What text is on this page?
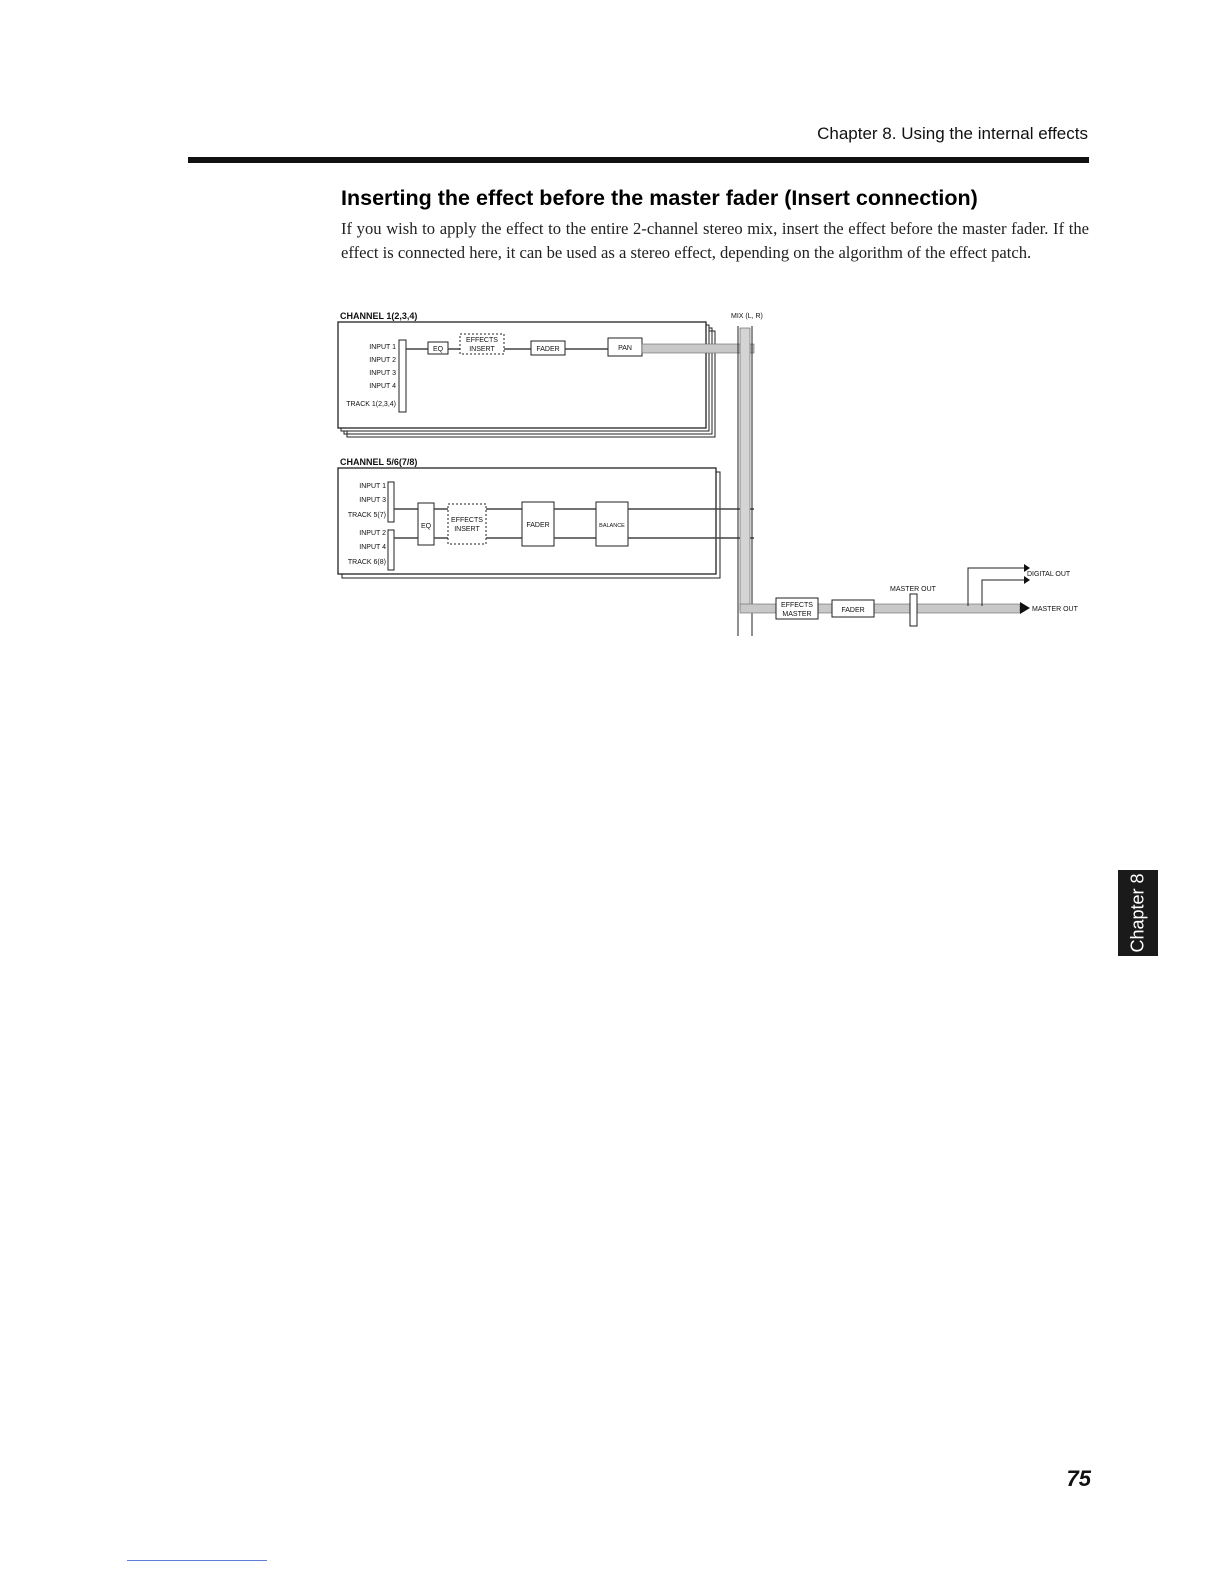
Chapter 8. Using the internal effects
Inserting the effect before the master fader (Insert connection)

If you wish to apply the effect to the entire 2-channel stereo mix, insert the effect before the master fader. If the effect is connected here, it can be used as a stereo effect, depending on the algorithm of the effect patch.

CHANNEL 1(2,3,4)
INPUT 1
INPUT 2
INPUT 3
INPUT 4
TRACK 1(2,3,4)
EQ
EFFECTS
INSERT	FADER	PAN
CHANNEL 5/6(7/8)
INPUT 1
INPUT 3
TRACK 5(7)
INPUT 2
INPUT 4
TRACK 6(8)
EQ
EFFECTS
INSERT
FADER	BALANCE
MIX (L, R)
EFFECTS
MASTER
FADER
MASTER OUT
DIGITAL OUT
MASTER OUT
Chapter 8
75
